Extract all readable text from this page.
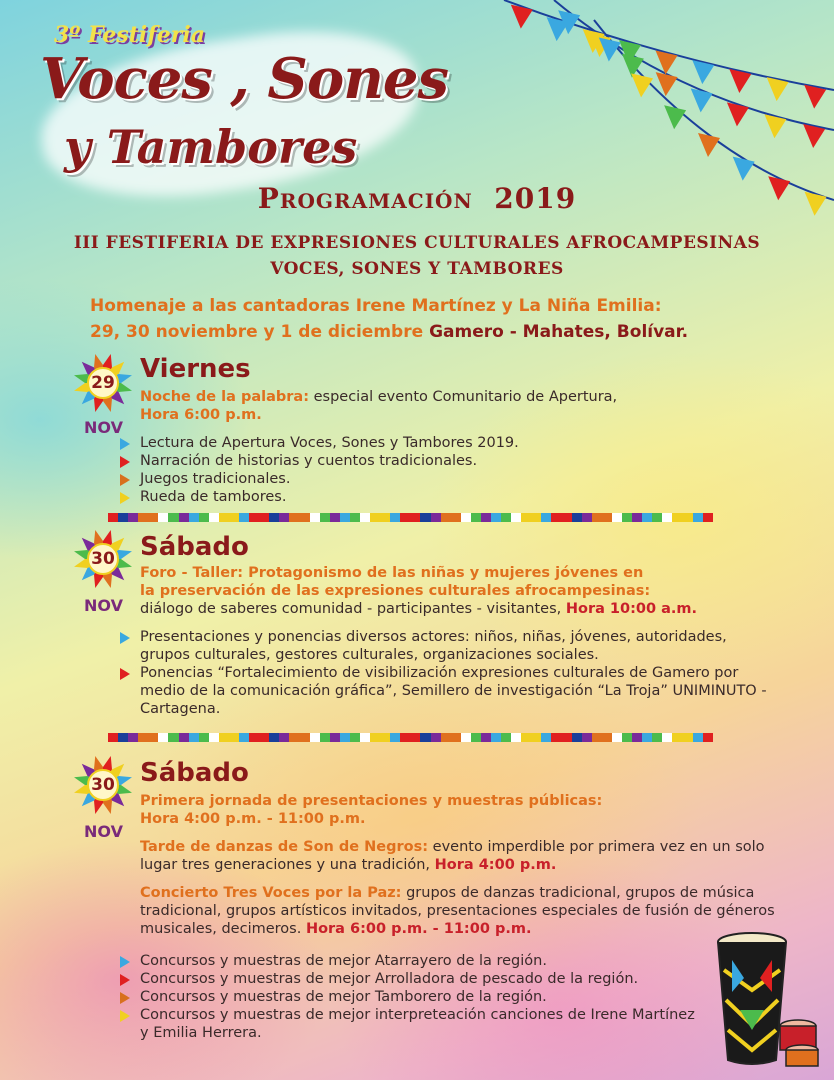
3º Festiferia
Voces , Sones
y Tambores
Programación 2019
III FESTIFERIA DE EXPRESIONES CULTURALES AFROCAMPESINAS
VOCES, SONES Y TAMBORES
Homenaje a las cantadoras Irene Martínez y La Niña Emilia:
29, 30 noviembre y 1 de diciembre Gamero - Mahates, Bolívar.
29
NOV
Viernes
Noche de la palabra: especial evento Comunitario de Apertura,
Hora 6:00 p.m.
Lectura de Apertura Voces, Sones y Tambores 2019.
Narración de historias y cuentos tradicionales.
Juegos tradicionales.
Rueda de tambores.
30
NOV
Sábado
Foro - Taller: Protagonismo de las niñas y mujeres jóvenes en
la preservación de las expresiones culturales afrocampesinas:
diálogo de saberes comunidad - participantes - visitantes, Hora 10:00 a.m.
Presentaciones y ponencias diversos actores: niños, niñas, jóvenes, autoridades, grupos culturales, gestores culturales, organizaciones sociales.
Ponencias “Fortalecimiento de visibilización expresiones culturales de Gamero por medio de la comunicación gráfica”, Semillero de investigación “La Troja” UNIMINUTO - Cartagena.
30
NOV
Sábado

Primera jornada de presentaciones y muestras públicas:
Hora 4:00 p.m. - 11:00 p.m.

Tarde de danzas de Son de Negros: evento imperdible por primera vez en un solo lugar tres generaciones y una tradición, Hora 4:00 p.m.

Concierto Tres Voces por la Paz: grupos de danzas tradicional, grupos de música tradicional, grupos artísticos invitados, presentaciones especiales de fusión de géneros musicales, decimeros. Hora 6:00 p.m. - 11:00 p.m.

Concursos y muestras de mejor Atarrayero de la región.
Concursos y muestras de mejor Arrolladora de pescado de la región.
Concursos y muestras de mejor Tamborero de la región.
Concursos y muestras de mejor interpreteación canciones de Irene Martínez y Emilia Herrera.
